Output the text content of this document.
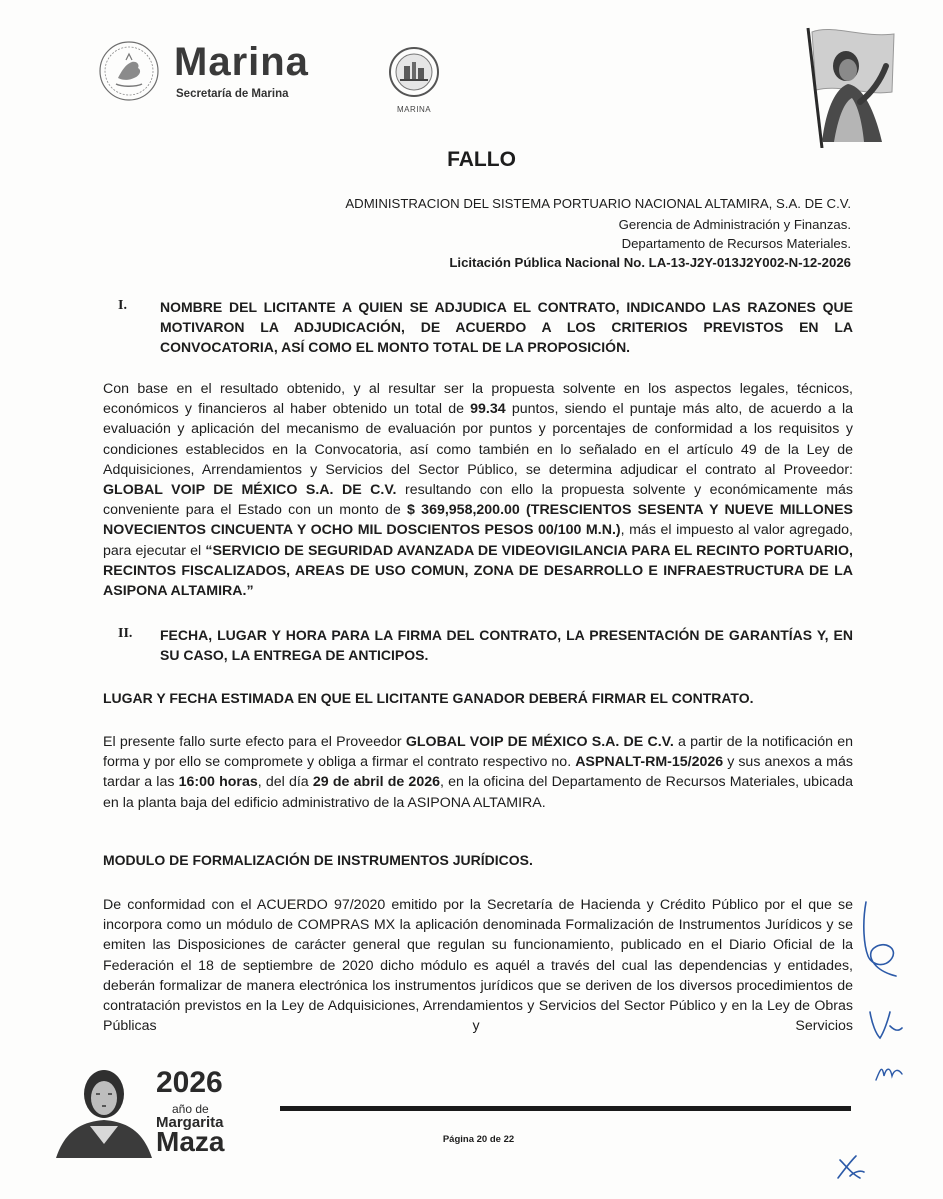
Marina
Secretaría de Marina
MARINA
FALLO
ADMINISTRACION DEL SISTEMA PORTUARIO NACIONAL ALTAMIRA, S.A. DE C.V.
Gerencia de Administración y Finanzas.
Departamento de Recursos Materiales.
Licitación Pública Nacional No. LA-13-J2Y-013J2Y002-N-12-2026
I. NOMBRE DEL LICITANTE A QUIEN SE ADJUDICA EL CONTRATO, INDICANDO LAS RAZONES QUE MOTIVARON LA ADJUDICACIÓN, DE ACUERDO A LOS CRITERIOS PREVISTOS EN LA CONVOCATORIA, ASÍ COMO EL MONTO TOTAL DE LA PROPOSICIÓN.
Con base en el resultado obtenido, y al resultar ser la propuesta solvente en los aspectos legales, técnicos, económicos y financieros al haber obtenido un total de 99.34 puntos, siendo el puntaje más alto, de acuerdo a la evaluación y aplicación del mecanismo de evaluación por puntos y porcentajes de conformidad a los requisitos y condiciones establecidos en la Convocatoria, así como también en lo señalado en el artículo 49 de la Ley de Adquisiciones, Arrendamientos y Servicios del Sector Público, se determina adjudicar el contrato al Proveedor: GLOBAL VOIP DE MÉXICO S.A. DE C.V. resultando con ello la propuesta solvente y económicamente más conveniente para el Estado con un monto de $ 369,958,200.00 (TRESCIENTOS SESENTA Y NUEVE MILLONES NOVECIENTOS CINCUENTA Y OCHO MIL DOSCIENTOS PESOS 00/100 M.N.), más el impuesto al valor agregado, para ejecutar el “SERVICIO DE SEGURIDAD AVANZADA DE VIDEOVIGILANCIA PARA EL RECINTO PORTUARIO, RECINTOS FISCALIZADOS, AREAS DE USO COMUN, ZONA DE DESARROLLO E INFRAESTRUCTURA DE LA ASIPONA ALTAMIRA.”
II. FECHA, LUGAR Y HORA PARA LA FIRMA DEL CONTRATO, LA PRESENTACIÓN DE GARANTÍAS Y, EN SU CASO, LA ENTREGA DE ANTICIPOS.
LUGAR Y FECHA ESTIMADA EN QUE EL LICITANTE GANADOR DEBERÁ FIRMAR EL CONTRATO.
El presente fallo surte efecto para el Proveedor GLOBAL VOIP DE MÉXICO S.A. DE C.V. a partir de la notificación en forma y por ello se compromete y obliga a firmar el contrato respectivo no. ASPNALT-RM-15/2026 y sus anexos a más tardar a las 16:00 horas, del día 29 de abril de 2026, en la oficina del Departamento de Recursos Materiales, ubicada en la planta baja del edificio administrativo de la ASIPONA ALTAMIRA.
MODULO DE FORMALIZACIÓN DE INSTRUMENTOS JURÍDICOS.
De conformidad con el ACUERDO 97/2020 emitido por la Secretaría de Hacienda y Crédito Público por el que se incorpora como un módulo de COMPRAS MX la aplicación denominada Formalización de Instrumentos Jurídicos y se emiten las Disposiciones de carácter general que regulan su funcionamiento, publicado en el Diario Oficial de la Federación el 18 de septiembre de 2020 dicho módulo es aquél a través del cual las dependencias y entidades, deberán formalizar de manera electrónica los instrumentos jurídicos que se deriven de los diversos procedimientos de contratación previstos en la Ley de Adquisiciones, Arrendamientos y Servicios del Sector Público y en la Ley de Obras Públicas y Servicios
2026
año de
Margarita
Maza	Página 20 de 22
